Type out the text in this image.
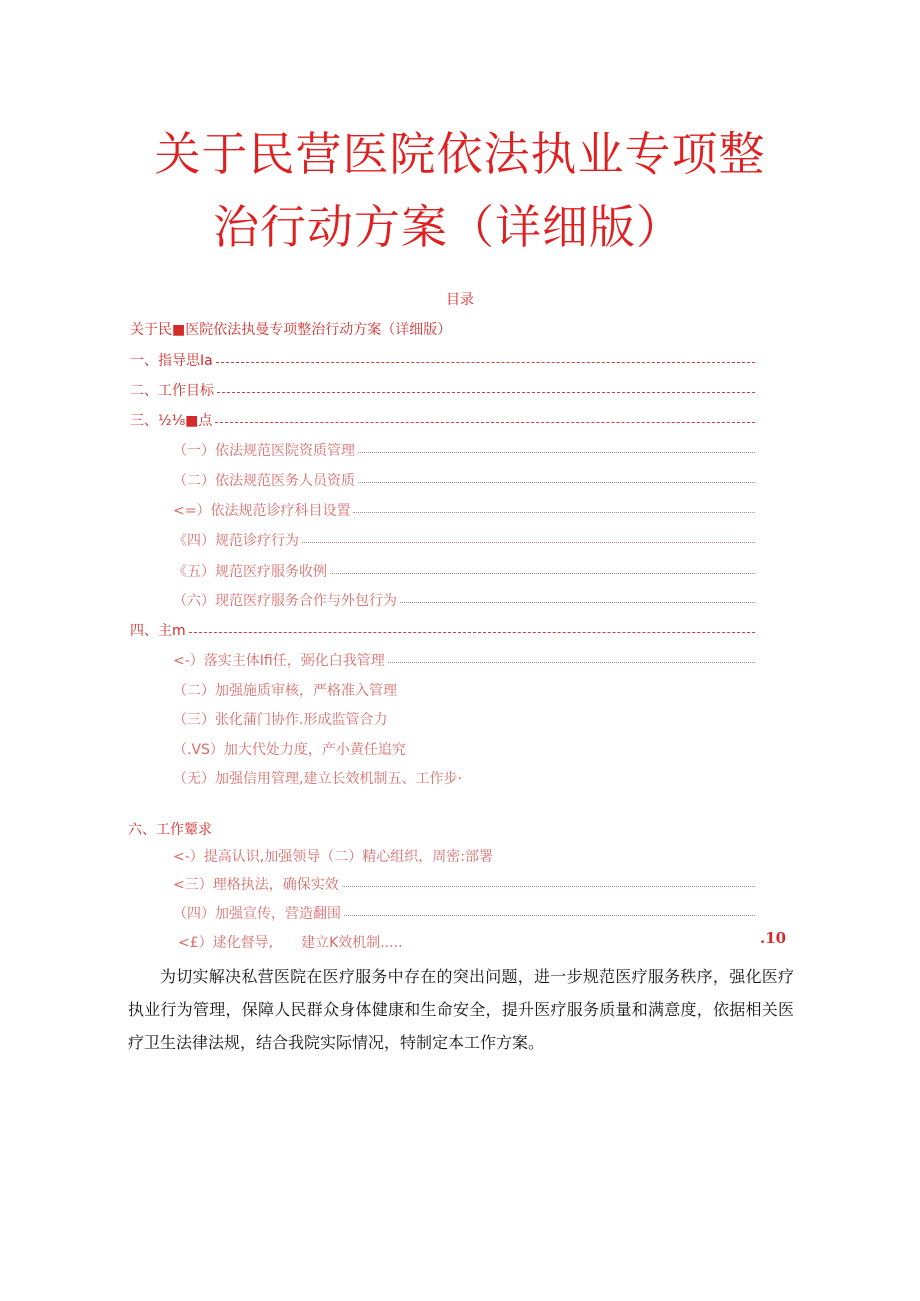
关于民营医院依法执业专项整
治行动方案（详细版）
目录
关于民■医院依法执曼专项整治行动方案（详细版）
一、指导思Ia
二、工作目标
三、½⅛■点
（一）依法规范医院资质管理
（二）依法规范医务人员资质
<=）依法规范诊疗科目设置
《四）规范诊疗行为
《五）规范医疗服务收例
（六）现范医疗服务合作与外包行为
四、主m
<-）落实主体Ifi任，弼化白我管理
（二）加强施质审核，严格准入管理
（三）张化蒲门协作.形成监管合力
（.VS）加大代处力度，产小黄任追究
（无）加强信用管理,建立长效机制五、工作步·
六、工作颦求
<-）提高认识,加强领导（二）精心组织，周密:部署
<三）理格执法，确保实效
（四）加强宣传，营造翻围
<£）逑化督导,　　建立K效机制.....	.10
为切实解决私营医院在医疗服务中存在的突出问题，进一步规范医疗服务秩序，强化医疗执业行为管理，保障人民群众身体健康和生命安全，提升医疗服务质量和满意度，依据相关医疗卫生法律法规，结合我院实际情况，特制定本工作方案。
